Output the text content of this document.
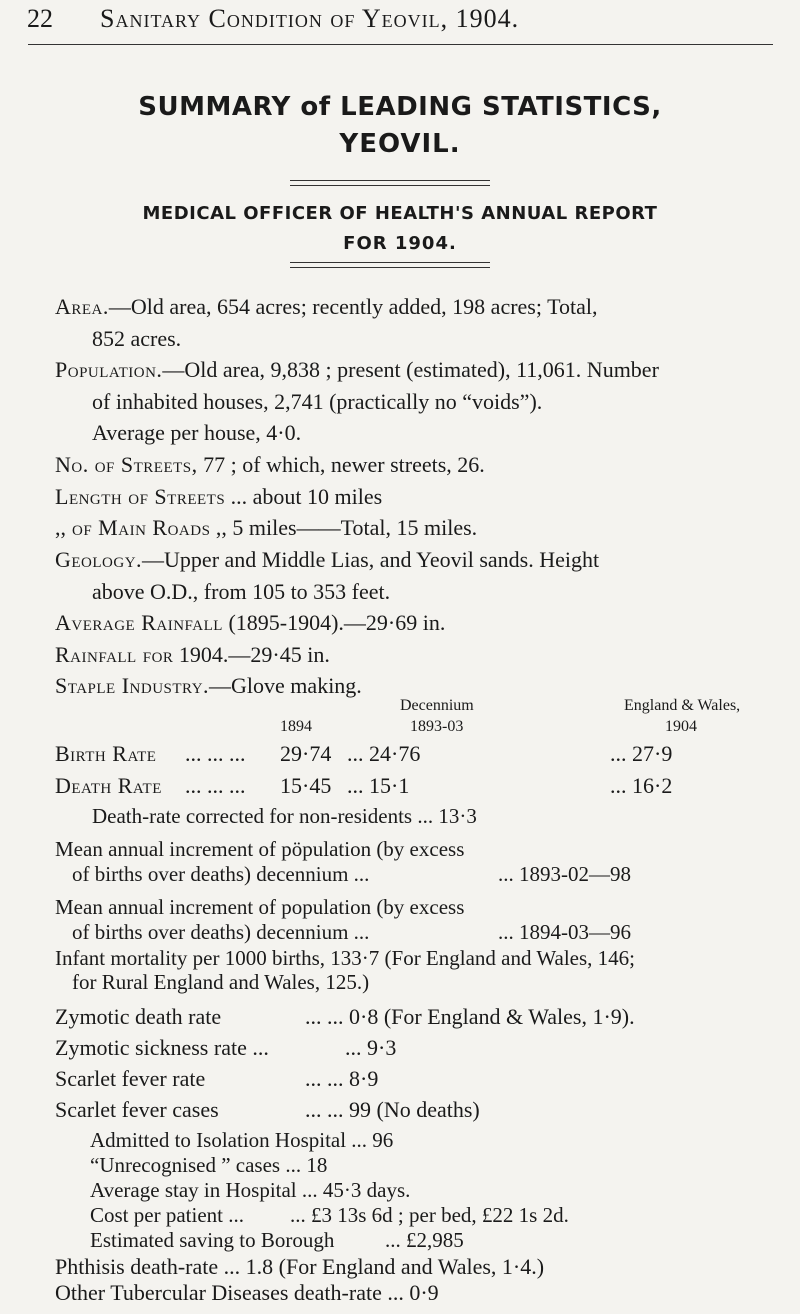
22 Sanitary Condition of Yeovil, 1904.
SUMMARY of LEADING STATISTICS,
YEOVIL.
MEDICAL OFFICER OF HEALTH'S ANNUAL REPORT
FOR 1904.
Area.—Old area, 654 acres; recently added, 198 acres; Total,
852 acres.
Population.—Old area, 9,838 ; present (estimated), 11,061. Number
of inhabited houses, 2,741 (practically no “voids”).
Average per house, 4·0.
No. of Streets, 77 ; of which, newer streets, 26.
Length of Streets ... about 10 miles
,, of Main Roads ,, 5 miles——Total, 15 miles.
Geology.—Upper and Middle Lias, and Yeovil sands. Height
above O.D., from 105 to 353 feet.
Average Rainfall (1895-1904).—29·69 in.
Rainfall for 1904.—29·45 in.
Staple Industry.—Glove making.
Decennium	England & Wales,
1894	1893-03	1904
Birth Rate ... ... ... 29·74 ... 24·76	... 27·9
Death Rate ... ... ... 15·45 ... 15·1	... 16·2
Death-rate corrected for non-residents ... 13·3
Mean annual increment of pöpulation (by excess
of births over deaths) decennium ...	... 1893-02—98
Mean annual increment of population (by excess
of births over deaths) decennium ...	... 1894-03—96
Infant mortality per 1000 births, 133·7 (For England and Wales, 146;
for Rural England and Wales, 125.)
Zymotic death rate	... ... 0·8 (For England & Wales, 1·9).
Zymotic sickness rate ...	... 9·3
Scarlet fever rate	... ... 8·9
Scarlet fever cases	... ... 99 (No deaths)
Admitted to Isolation Hospital ... 96
“Unrecognised ” cases ... 18
Average stay in Hospital ... 45·3 days.
Cost per patient ... ... £3 13s 6d ; per bed, £22 1s 2d.
Estimated saving to Borough ... £2,985
Phthisis death-rate ... 1.8 (For England and Wales, 1·4.)
Other Tubercular Diseases death-rate ... 0·9
